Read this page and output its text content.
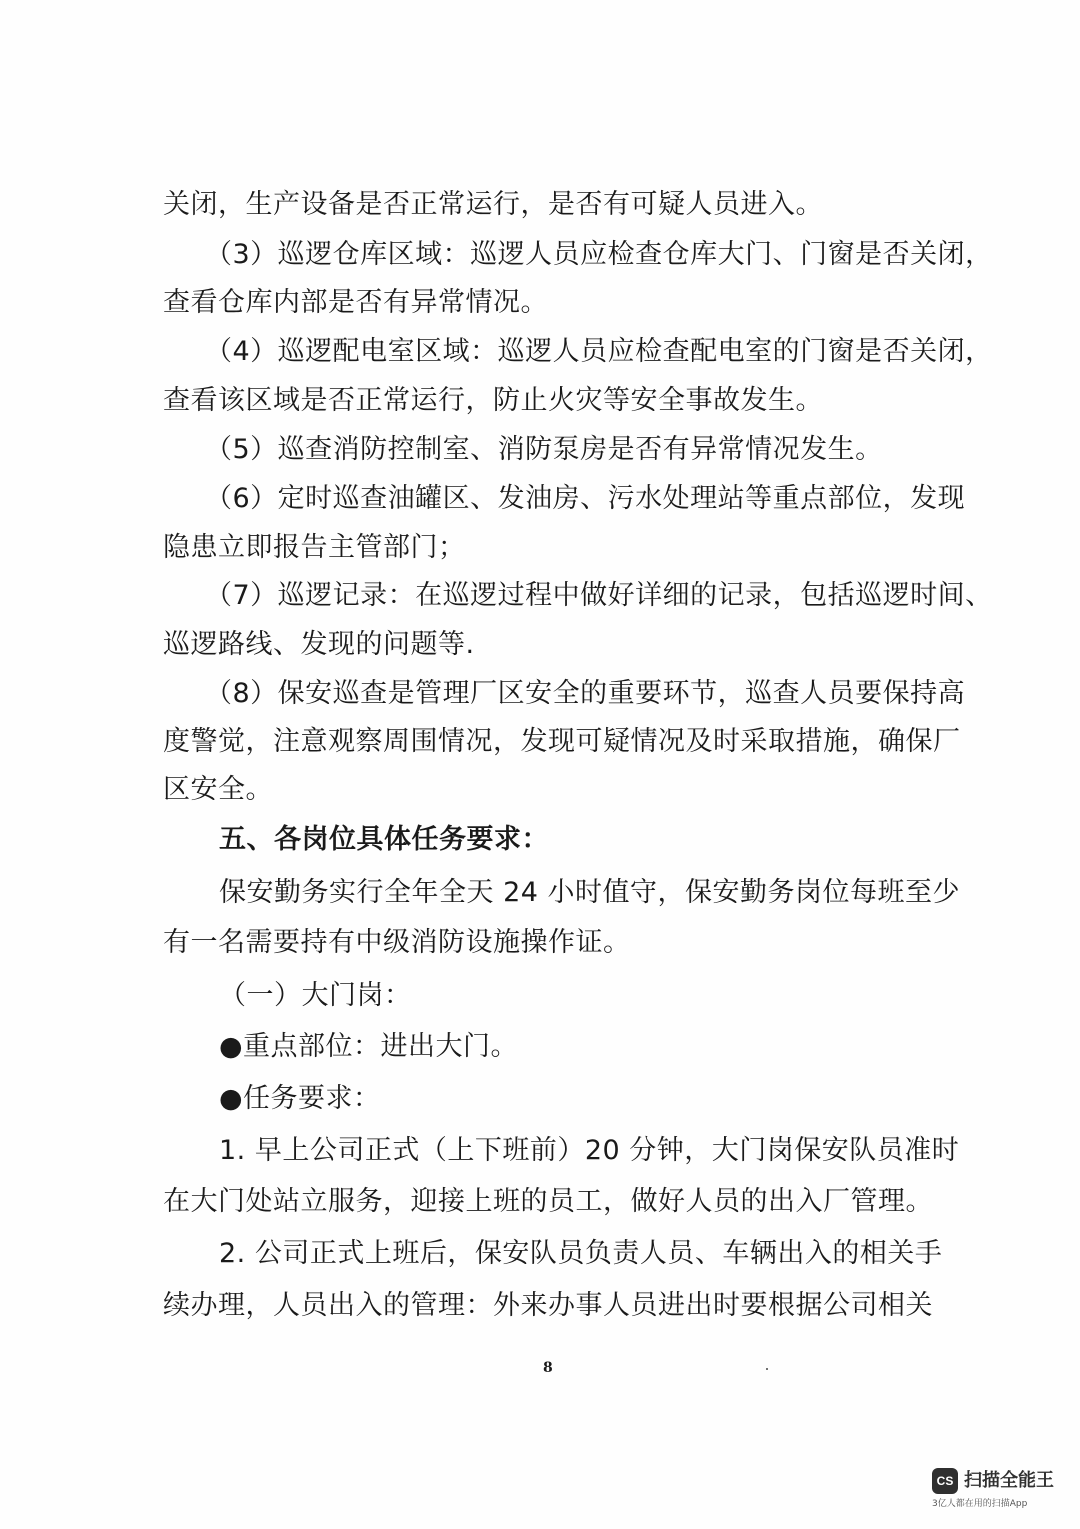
关闭，生产设备是否正常运行，是否有可疑人员进入。
（3）巡逻仓库区域：巡逻人员应检查仓库大门、门窗是否关闭，
查看仓库内部是否有异常情况。
（4）巡逻配电室区域：巡逻人员应检查配电室的门窗是否关闭，
查看该区域是否正常运行，防止火灾等安全事故发生。
（5）巡查消防控制室、消防泵房是否有异常情况发生。
（6）定时巡查油罐区、发油房、污水处理站等重点部位，发现
隐患立即报告主管部门；
（7）巡逻记录：在巡逻过程中做好详细的记录，包括巡逻时间、
巡逻路线、发现的问题等.
（8）保安巡查是管理厂区安全的重要环节，巡查人员要保持高
度警觉，注意观察周围情况，发现可疑情况及时采取措施，确保厂
区安全。
五、各岗位具体任务要求：
保安勤务实行全年全天 24 小时值守，保安勤务岗位每班至少
有一名需要持有中级消防设施操作证。
（一）大门岗：
●重点部位：进出大门。
●任务要求：
1. 早上公司正式（上下班前）20 分钟，大门岗保安队员准时
在大门处站立服务，迎接上班的员工，做好人员的出入厂管理。
2. 公司正式上班后，保安队员负责人员、车辆出入的相关手
续办理，人员出入的管理：外来办事人员进出时要根据公司相关
8
CS 扫描全能王
3亿人都在用的扫描App
